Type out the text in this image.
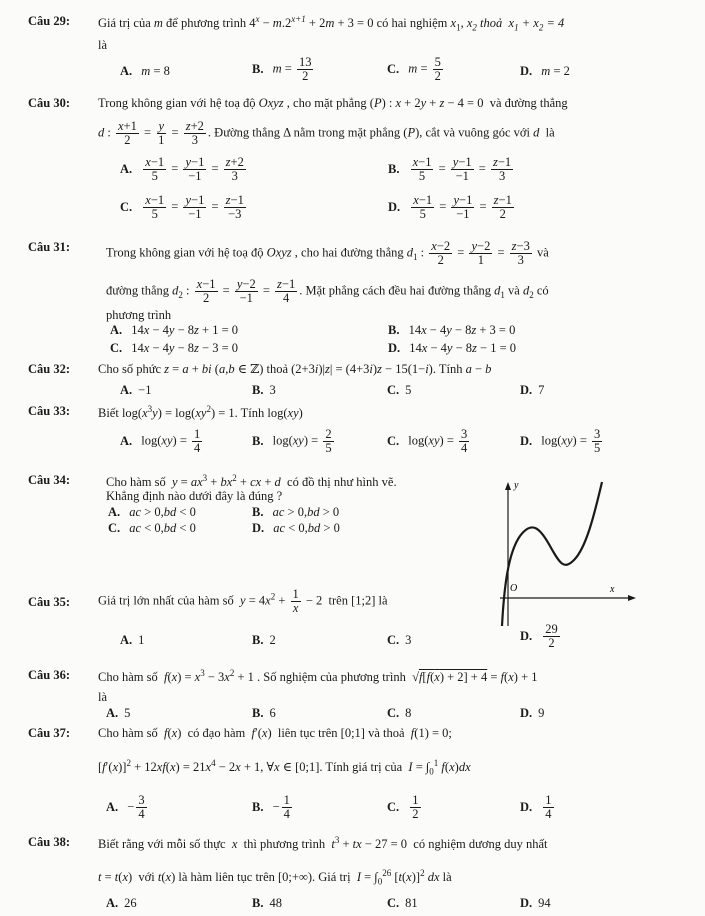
Câu 29: Giá trị của m để phương trình $4^x - m.2^{x+1} + 2m + 3 = 0$ có hai nghiệm $x_1$, $x_2$ thoả  $x_1 + x_2 = 4$
là
A. m = 8	B. $m = \frac{13}{2}$	C. $m = \frac{5}{2}$	D. m = 2
Câu 30: Trong không gian với hệ toạ độ Oxyz , cho mặt phẳng (P) : x + 2y + z − 4 = 0  và đường thẳng
d : $\frac{x+1}{2} = \frac{y}{1} = \frac{z+2}{3}$ . Đường thẳng Δ nằm trong mặt phẳng (P), cắt và vuông góc với d  là
A. $\frac{x-1}{5} = \frac{y-1}{-1} = \frac{z+2}{3}$	B. $\frac{x-1}{5} = \frac{y-1}{-1} = \frac{z-1}{3}$
C. $\frac{x-1}{5} = \frac{y-1}{-1} = \frac{z-1}{-3}$	D. $\frac{x-1}{5} = \frac{y-1}{-1} = \frac{z-1}{2}$
Câu 31:	Trong không gian với hệ toạ độ Oxyz , cho hai đường thẳng $d_1$ : $\frac{x-2}{2} = \frac{y-2}{1} = \frac{z-3}{3}$ và
đường thẳng $d_2$ : $\frac{x-1}{2} = \frac{y-2}{-1} = \frac{z-1}{4}$ . Mặt phẳng cách đều hai đường thẳng $d_1$ và $d_2$ có
phương trình
A. 14x − 4y − 8z + 1 = 0	B. 14x − 4y − 8z + 3 = 0
C. 14x − 4y − 8z − 3 = 0	D. 14x − 4y − 8z − 1 = 0
Câu 32: Cho số phức z = a + bi (a,b ∈ ℤ) thoả (2+3i)|z| = (4+3i)z − 15(1−i). Tính a − b
A. −1	B. 3	C. 5	D. 7
Câu 33: Biết $\log(x^3y) = \log(xy^2) = 1$. Tính log(xy)
A. $\log(xy) = \frac{1}{4}$	B. $\log(xy) = \frac{2}{5}$	C. $\log(xy) = \frac{3}{4}$	D. $\log(xy) = \frac{3}{5}$
Câu 34:	Cho hàm số  $y = ax^3 + bx^2$ + cx + d  có đồ thị như hình vẽ.
Khẳng định nào dưới đây là đúng ?
A. ac > 0,bd < 0	B. ac > 0,bd > 0
C. ac < 0,bd < 0	D. ac < 0,bd > 0
y
x
O
Câu 35: Giá trị lớn nhất của hàm số  $y = 4x^2 + \frac{1}{x} - 2$  trên [1;2] là
A. 1	B. 2	C. 3	D. $\frac{29}{2}$
Câu 36: Cho hàm số  $f(x) = x^3 - 3x^2 + 1$ . Số nghiệm của phương trình  √f[f(x) + 2] + 4 = f(x) + 1
là
A. 5	B. 6	C. 8	D. 9
Câu 37: Cho hàm số  f(x)  có đạo hàm  f′(x)  liên tục trên [0;1] và thoả  f(1) = 0;
$[f'(x)]^2 + 12xf(x) = 21x^4 - 2x + 1$, ∀x ∈ [0;1]. Tính giá trị của  $I = \int_0^1$ f(x)dx
A. − $\frac{3}{4}$	B. − $\frac{1}{4}$	C. $\frac{1}{2}$	D. $\frac{1}{4}$
Câu 38: Biết rằng với mỗi số thực  x  thì phương trình  $t^3$ + tx − 27 = 0  có nghiệm dương duy nhất
t = t(x)  với t(x) là hàm liên tục trên [0;+∞). Giá trị  $I = \int_0^{26}$ $[t(x)]^2$ dx là
A. 26	B. 48	C. 81	D. 94
